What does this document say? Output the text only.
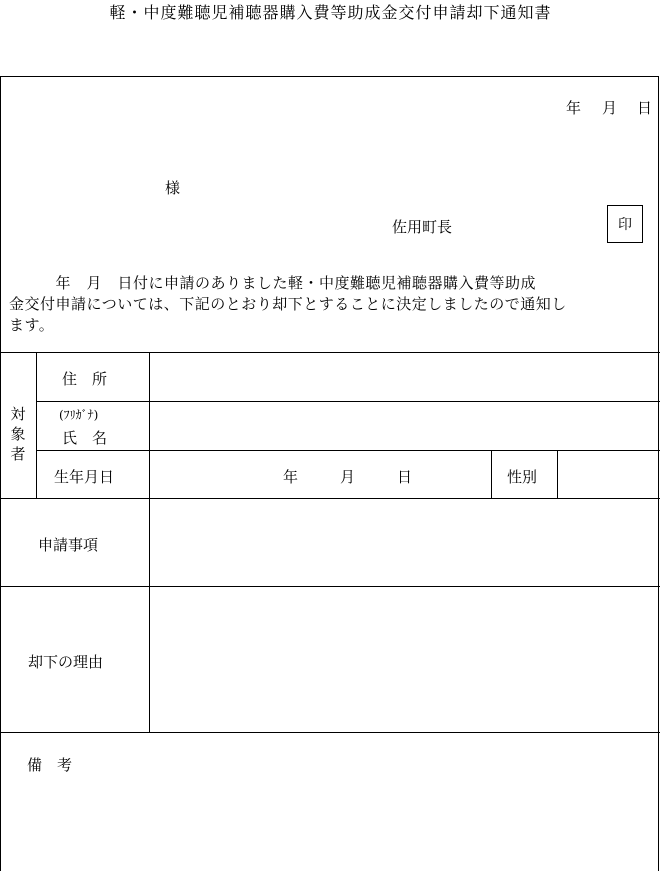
軽・中度難聴児補聴器購入費等助成金交付申請却下通知書
年 月 日
様
佐用町長	印
　　　年　月　日付に申請のありました軽・中度難聴児補聴器購入費等助成
金交付申請については、下記のとおり却下とすることに決定しましたので通知し
ます。
対
象
者
住　所
(ﾌﾘｶﾞﾅ)
氏　名
生年月日	年	月	日	性別
申請事項
却下の理由
備　考
